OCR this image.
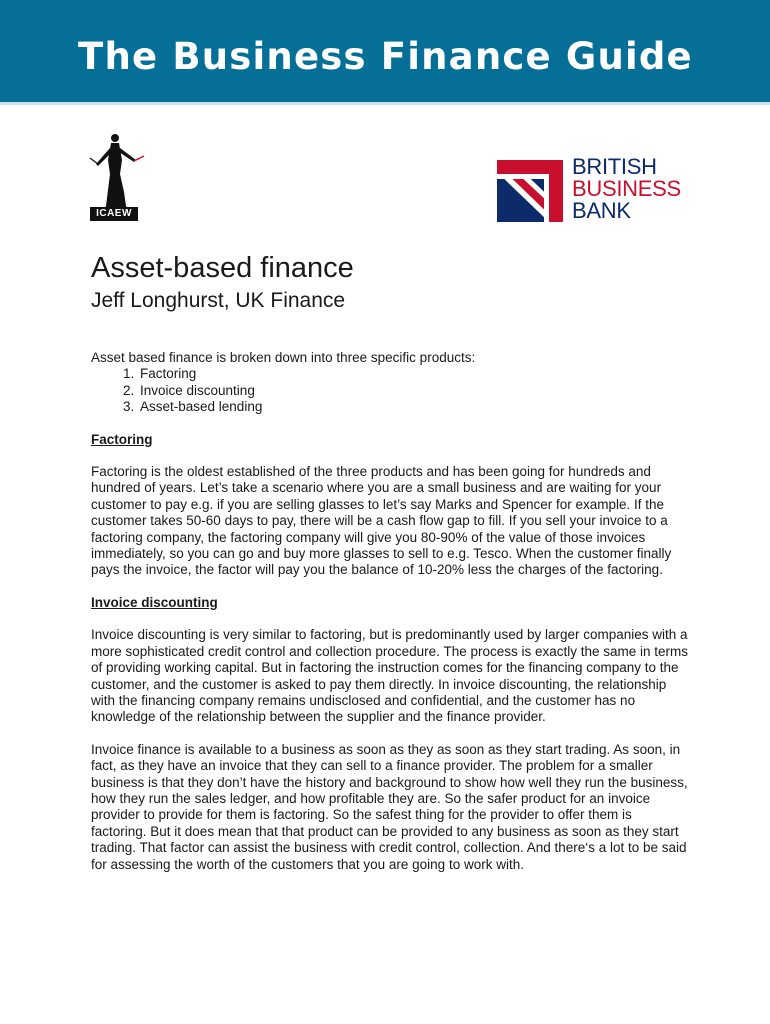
The Business Finance Guide
ICAEW
BRITISH
BUSINESS
BANK
Asset-based finance
Jeff Longhurst, UK Finance

Asset based finance is broken down into three specific products:

1. Factoring
2. Invoice discounting
3. Asset-based lending

Factoring

Factoring is the oldest established of the three products and has been going for hundreds and hundred of years. Let’s take a scenario where you are a small business and are waiting for your customer to pay e.g. if you are selling glasses to let’s say Marks and Spencer for example. If the customer takes 50-60 days to pay, there will be a cash flow gap to fill. If you sell your invoice to a factoring company, the factoring company will give you 80-90% of the value of those invoices immediately, so you can go and buy more glasses to sell to e.g. Tesco. When the customer finally pays the invoice, the factor will pay you the balance of 10-20% less the charges of the factoring.

Invoice discounting

Invoice discounting is very similar to factoring, but is predominantly used by larger companies with a more sophisticated credit control and collection procedure. The process is exactly the same in terms of providing working capital. But in factoring the instruction comes for the financing company to the customer, and the customer is asked to pay them directly. In invoice discounting, the relationship with the financing company remains undisclosed and confidential, and the customer has no knowledge of the relationship between the supplier and the finance provider.

Invoice finance is available to a business as soon as they as soon as they start trading. As soon, in fact, as they have an invoice that they can sell to a finance provider. The problem for a smaller business is that they don’t have the history and background to show how well they run the business, how they run the sales ledger, and how profitable they are. So the safer product for an invoice provider to provide for them is factoring. So the safest thing for the provider to offer them is factoring. But it does mean that that product can be provided to any business as soon as they start trading. That factor can assist the business with credit control, collection. And there‘s a lot to be said for assessing the worth of the customers that you are going to work with.
